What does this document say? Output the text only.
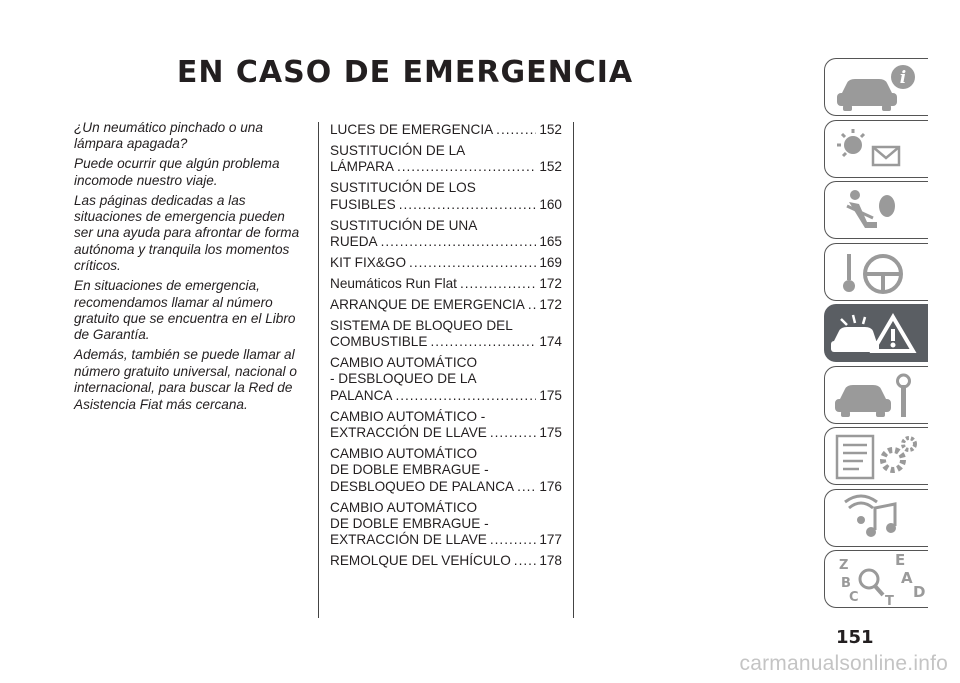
EN CASO DE EMERGENCIA

¿Un neumático pinchado o una lámpara apagada?

Puede ocurrir que algún problema incomode nuestro viaje.

Las páginas dedicadas a las situaciones de emergencia pueden ser una ayuda para afrontar de forma autónoma y tranquila los momentos críticos.

En situaciones de emergencia, recomendamos llamar al número gratuito que se encuentra en el Libro de Garantía.

Además, también se puede llamar al número gratuito universal, nacional o internacional, para buscar la Red de Asistencia Fiat más cercana.

LUCES DE EMERGENCIA .....	152
SUSTITUCIÓN DE LA
LÁMPARA .....	152
SUSTITUCIÓN DE LOS
FUSIBLES .....	160
SUSTITUCIÓN DE UNA
RUEDA .....	165
KIT FIX&GO .....	169
Neumáticos Run Flat .....	172
ARRANQUE DE EMERGENCIA ..... 172
SISTEMA DE BLOQUEO DEL
COMBUSTIBLE .....	174
CAMBIO AUTOMÁTICO
- DESBLOQUEO DE LA
PALANCA .....	175
CAMBIO AUTOMÁTICO -
EXTRACCIÓN DE LLAVE .....	175
CAMBIO AUTOMÁTICO
DE DOBLE EMBRAGUE -
DESBLOQUEO DE PALANCA ..... 176
CAMBIO AUTOMÁTICO
DE DOBLE EMBRAGUE -
EXTRACCIÓN DE LLAVE .....	177
REMOLQUE DEL VEHÍCULO ..... 178
i
Z	E
B	A
C	D
T
151
carmanualsonline.info
